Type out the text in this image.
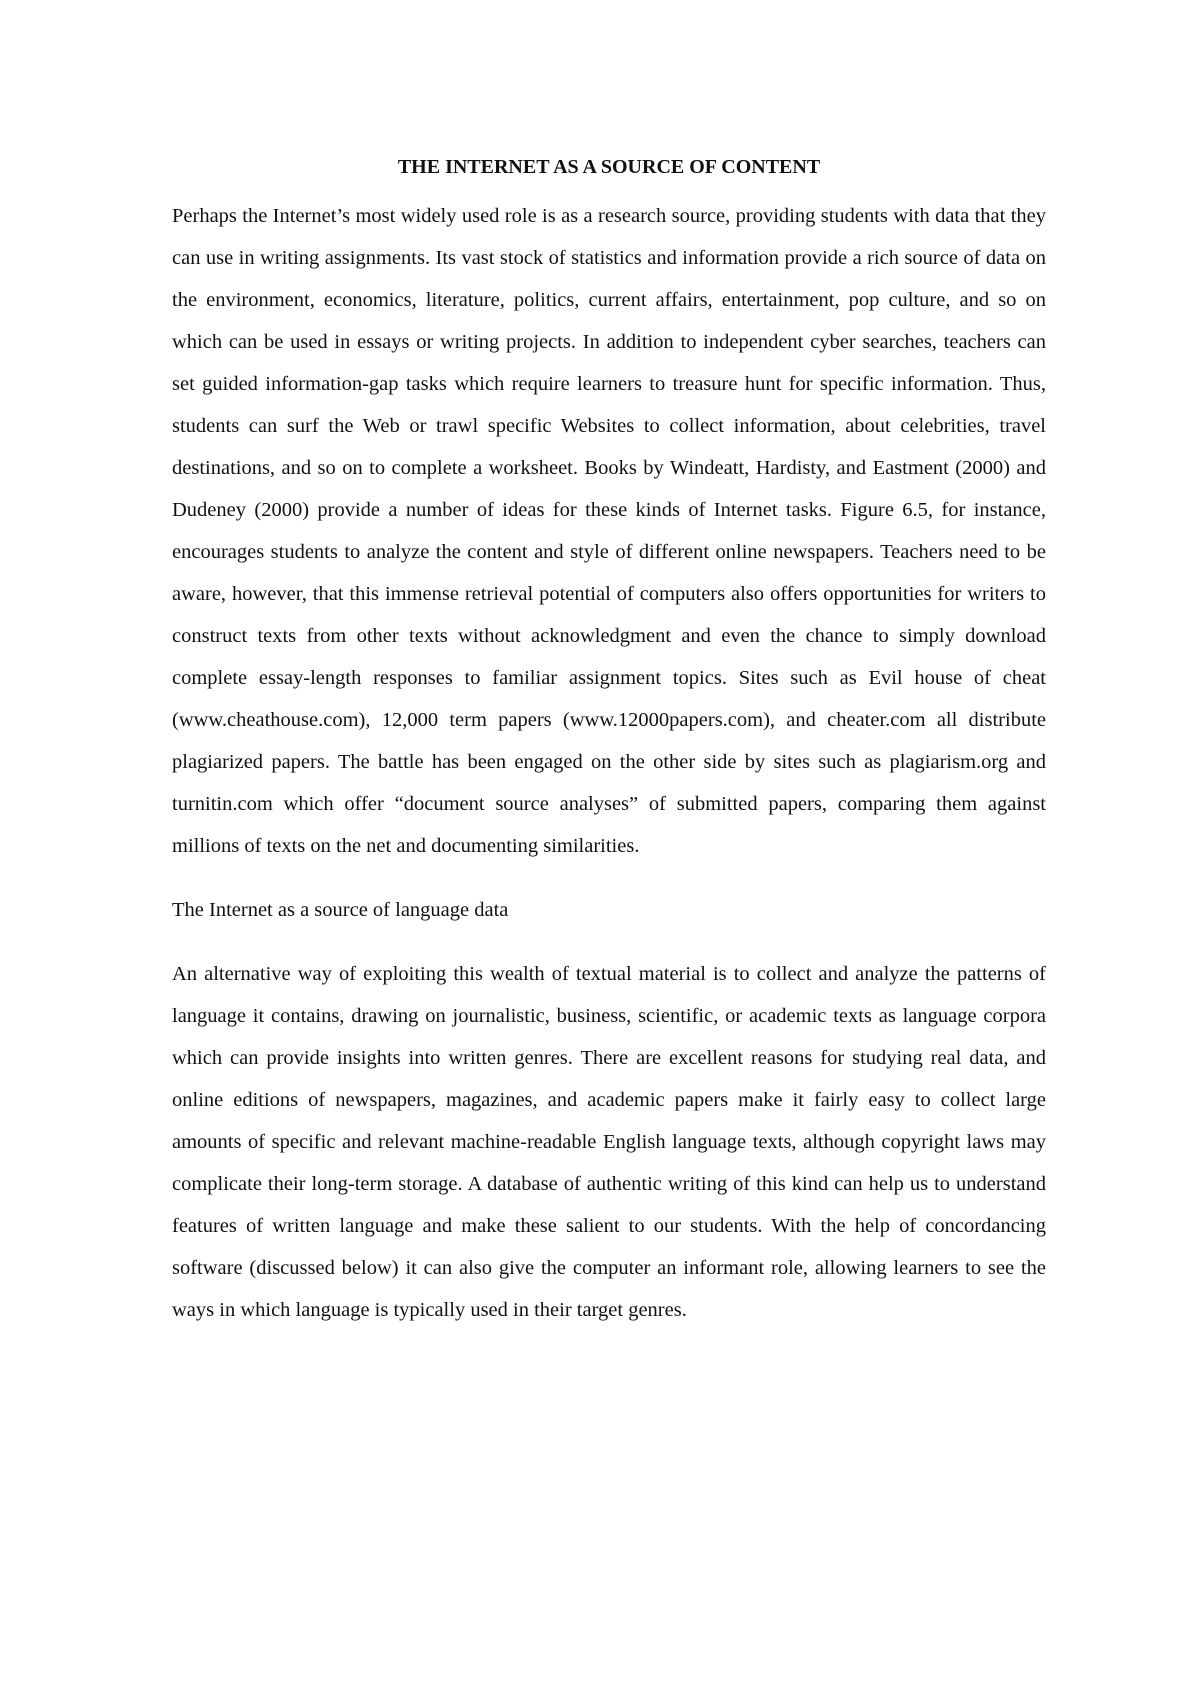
THE INTERNET AS A SOURCE OF CONTENT

Perhaps the Internet’s most widely used role is as a research source, providing students with data that they can use in writing assignments. Its vast stock of statistics and information provide a rich source of data on the environment, economics, literature, politics, current affairs, entertainment, pop culture, and so on which can be used in essays or writing projects. In addition to independent cyber searches, teachers can set guided information-gap tasks which require learners to treasure hunt for specific information. Thus, students can surf the Web or trawl specific Websites to collect information, about celebrities, travel destinations, and so on to complete a worksheet. Books by Windeatt, Hardisty, and Eastment (2000) and Dudeney (2000) provide a number of ideas for these kinds of Internet tasks. Figure 6.5, for instance, encourages students to analyze the content and style of different online newspapers. Teachers need to be aware, however, that this immense retrieval potential of computers also offers opportunities for writers to construct texts from other texts without acknowledgment and even the chance to simply download complete essay-length responses to familiar assignment topics. Sites such as Evil house of cheat (www.cheathouse.com), 12,000 term papers (www.12000papers.com), and cheater.com all distribute plagiarized papers. The battle has been engaged on the other side by sites such as plagiarism.org and turnitin.com which offer “document source analyses” of submitted papers, comparing them against millions of texts on the net and documenting similarities.

The Internet as a source of language data

An alternative way of exploiting this wealth of textual material is to collect and analyze the patterns of language it contains, drawing on journalistic, business, scientific, or academic texts as language corpora which can provide insights into written genres. There are excellent reasons for studying real data, and online editions of newspapers, magazines, and academic papers make it fairly easy to collect large amounts of specific and relevant machine-readable English language texts, although copyright laws may complicate their long-term storage. A database of authentic writing of this kind can help us to understand features of written language and make these salient to our students. With the help of concordancing software (discussed below) it can also give the computer an informant role, allowing learners to see the ways in which language is typically used in their target genres.
